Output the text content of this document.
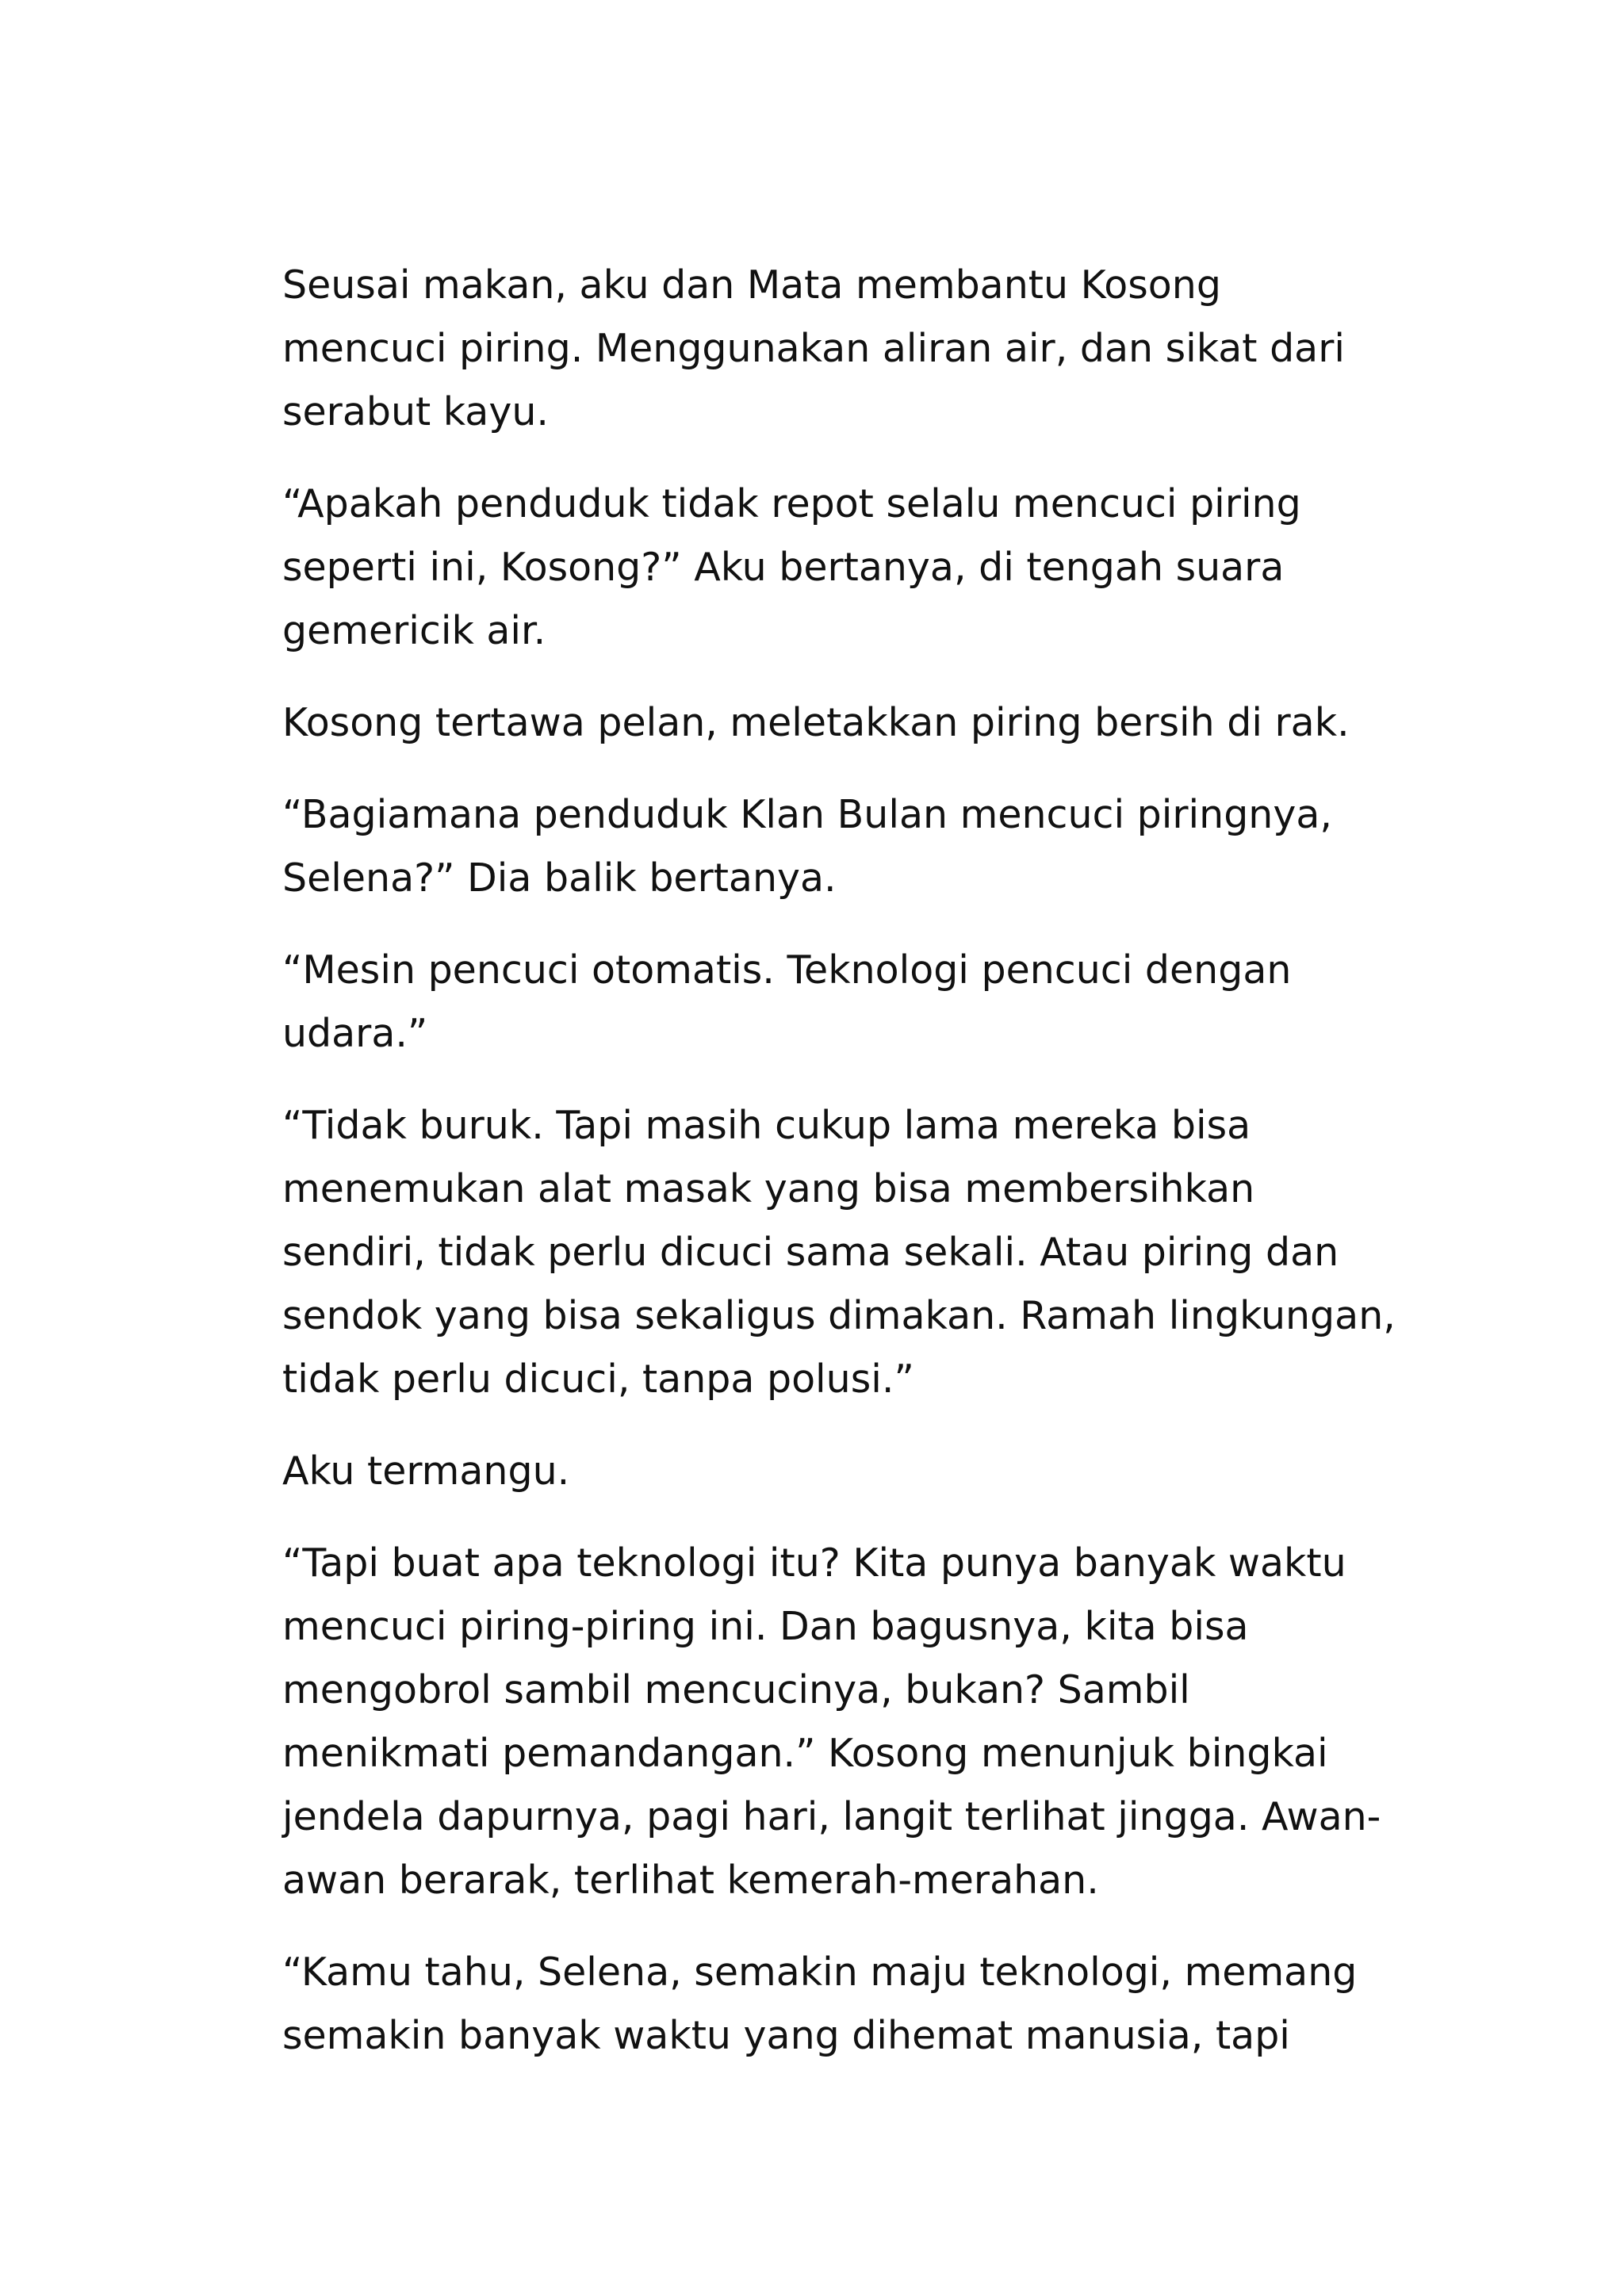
Seusai makan, aku dan Mata membantu Kosong
mencuci piring. Menggunakan aliran air, dan sikat dari
serabut kayu.
“Apakah penduduk tidak repot selalu mencuci piring
seperti ini, Kosong?” Aku bertanya, di tengah suara
gemericik air.
Kosong tertawa pelan, meletakkan piring bersih di rak.
“Bagiamana penduduk Klan Bulan mencuci piringnya,
Selena?” Dia balik bertanya.
“Mesin pencuci otomatis. Teknologi pencuci dengan
udara.”
“Tidak buruk. Tapi masih cukup lama mereka bisa
menemukan alat masak yang bisa membersihkan
sendiri, tidak perlu dicuci sama sekali. Atau piring dan
sendok yang bisa sekaligus dimakan. Ramah lingkungan,
tidak perlu dicuci, tanpa polusi.”
Aku termangu.
“Tapi buat apa teknologi itu? Kita punya banyak waktu
mencuci piring-piring ini. Dan bagusnya, kita bisa
mengobrol sambil mencucinya, bukan? Sambil
menikmati pemandangan.” Kosong menunjuk bingkai
jendela dapurnya, pagi hari, langit terlihat jingga. Awan-
awan berarak, terlihat kemerah-merahan.
“Kamu tahu, Selena, semakin maju teknologi, memang
semakin banyak waktu yang dihemat manusia, tapi
